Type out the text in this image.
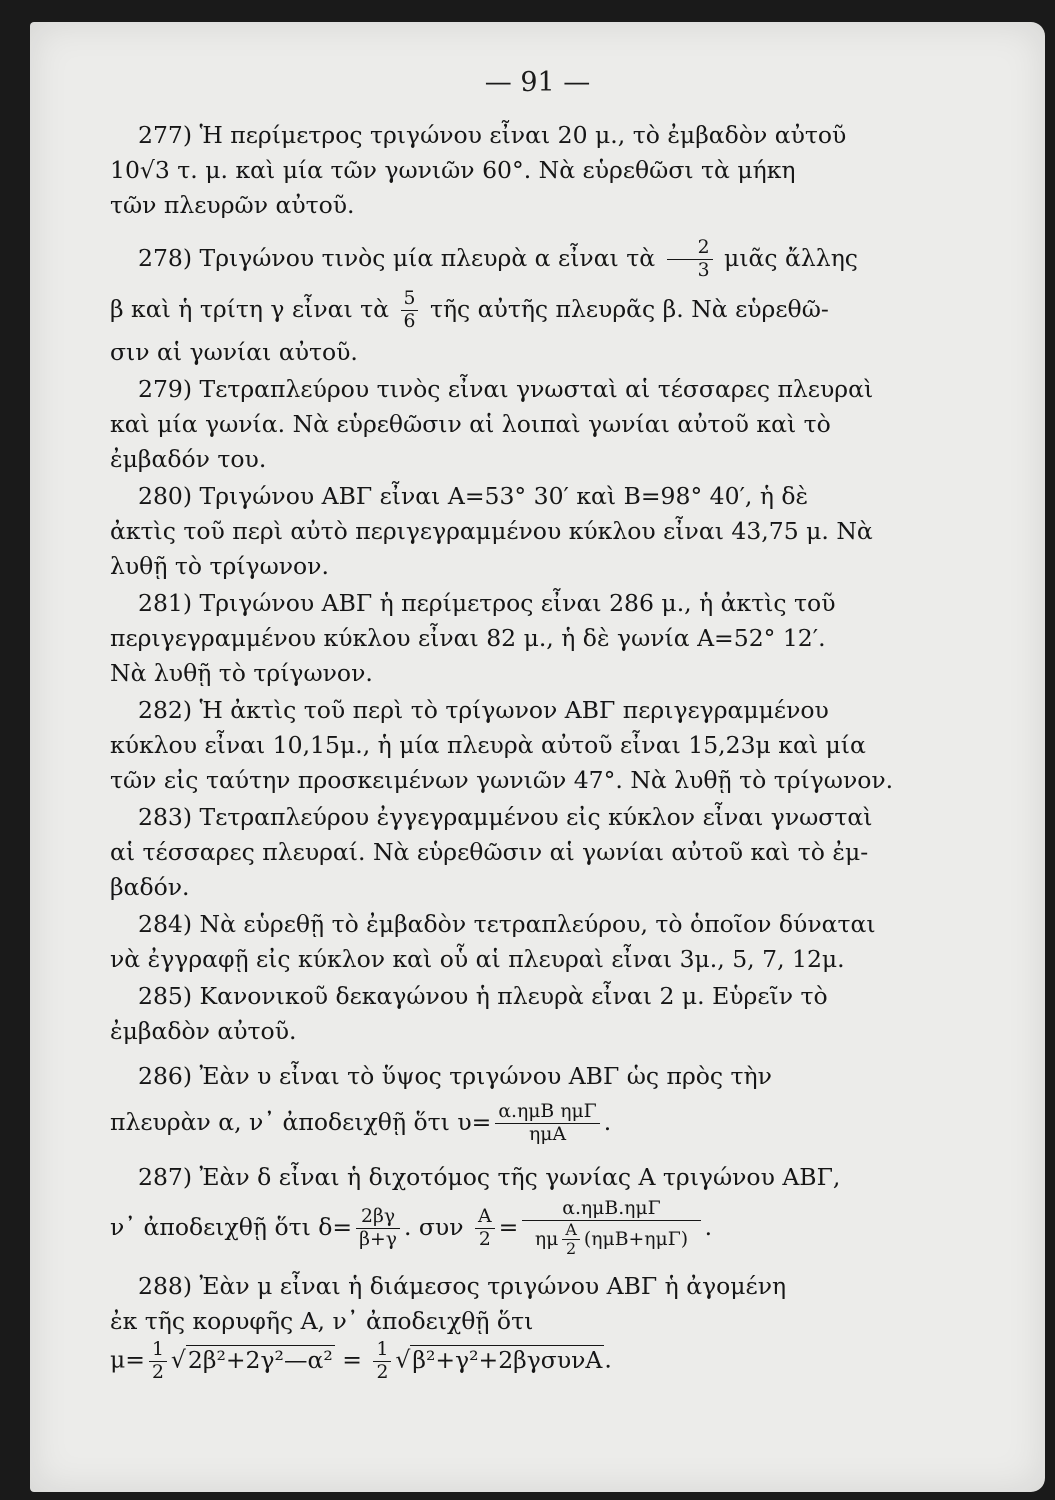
— 91 —

277) Ἡ περίμετρος τριγώνου εἶναι 20 μ., τὸ ἐμβαδὸν αὐτοῦ

10√3 τ. μ. καὶ μία τῶν γωνιῶν 60°. Νὰ εὑρεθῶσι τὰ μήκη

τῶν πλευρῶν αὐτοῦ.

278) Τριγώνου τινὸς μία πλευρὰ α εἶναι τὰ $\frac{2}{3}$ μιᾶς ἄλλης

β καὶ ἡ τρίτη γ εἶναι τὰ $\frac{5}{6}$ τῆς αὐτῆς πλευρᾶς β. Νὰ εὑρεθῶ-

σιν αἱ γωνίαι αὐτοῦ.

279) Τετραπλεύρου τινὸς εἶναι γνωσταὶ αἱ τέσσαρες πλευραὶ

καὶ μία γωνία. Νὰ εὑρεθῶσιν αἱ λοιπαὶ γωνίαι αὐτοῦ καὶ τὸ

ἐμβαδόν του.

280) Τριγώνου ΑΒΓ εἶναι Α=53° 30′ καὶ Β=98° 40′, ἡ δὲ

ἀκτὶς τοῦ περὶ αὐτὸ περιγεγραμμένου κύκλου εἶναι 43,75 μ. Νὰ

λυθῇ τὸ τρίγωνον.

281) Τριγώνου ΑΒΓ ἡ περίμετρος εἶναι 286 μ., ἡ ἀκτὶς τοῦ

περιγεγραμμένου κύκλου εἶναι 82 μ., ἡ δὲ γωνία Α=52° 12′.

Νὰ λυθῇ τὸ τρίγωνον.

282) Ἡ ἀκτὶς τοῦ περὶ τὸ τρίγωνον ΑΒΓ περιγεγραμμένου

κύκλου εἶναι 10,15μ., ἡ μία πλευρὰ αὐτοῦ εἶναι 15,23μ καὶ μία

τῶν εἰς ταύτην προσκειμένων γωνιῶν 47°. Νὰ λυθῇ τὸ τρίγωνον.

283) Τετραπλεύρου ἐγγεγραμμένου εἰς κύκλον εἶναι γνωσταὶ

αἱ τέσσαρες πλευραί. Νὰ εὑρεθῶσιν αἱ γωνίαι αὐτοῦ καὶ τὸ ἐμ-

βαδόν.

284) Νὰ εὑρεθῇ τὸ ἐμβαδὸν τετραπλεύρου, τὸ ὁποῖον δύναται

νὰ ἐγγραφῇ εἰς κύκλον καὶ οὗ αἱ πλευραὶ εἶναι 3μ., 5, 7, 12μ.

285) Κανονικοῦ δεκαγώνου ἡ πλευρὰ εἶναι 2 μ. Εὑρεῖν τὸ

ἐμβαδὸν αὐτοῦ.

286) Ἐὰν υ εἶναι τὸ ὕψος τριγώνου ΑΒΓ ὡς πρὸς τὴν

πλευρὰν α, ν᾽ ἀποδειχθῇ ὅτι $\upsilon= \frac{\text{α.ημΒ ημΓ}}{\text{ημΑ}}$ .

287) Ἐὰν δ εἶναι ἡ διχοτόμος τῆς γωνίας Α τριγώνου ΑΒΓ,

ν᾽ ἀποδειχθῇ ὅτι $\delta= \frac{2\beta\gamma}{\beta+\gamma}$ . συν $\frac{A}{2} = \frac{\text{α.ημΒ.ημΓ}}{\eta\mu \frac{A}{2} (\eta\mu B+\eta\mu\Gamma)}$ .

288) Ἐὰν μ εἶναι ἡ διάμεσος τριγώνου ΑΒΓ ἡ ἀγομένη

ἐκ τῆς κορυφῆς Α, ν᾽ ἀποδειχθῇ ὅτι

$\mu= \frac{1}{2}$ √2β²+2γ²—α² = $\frac{1}{2} √\beta^2+\gamma^2+2\beta\gamma\sigma\upsilon\nu A$.
